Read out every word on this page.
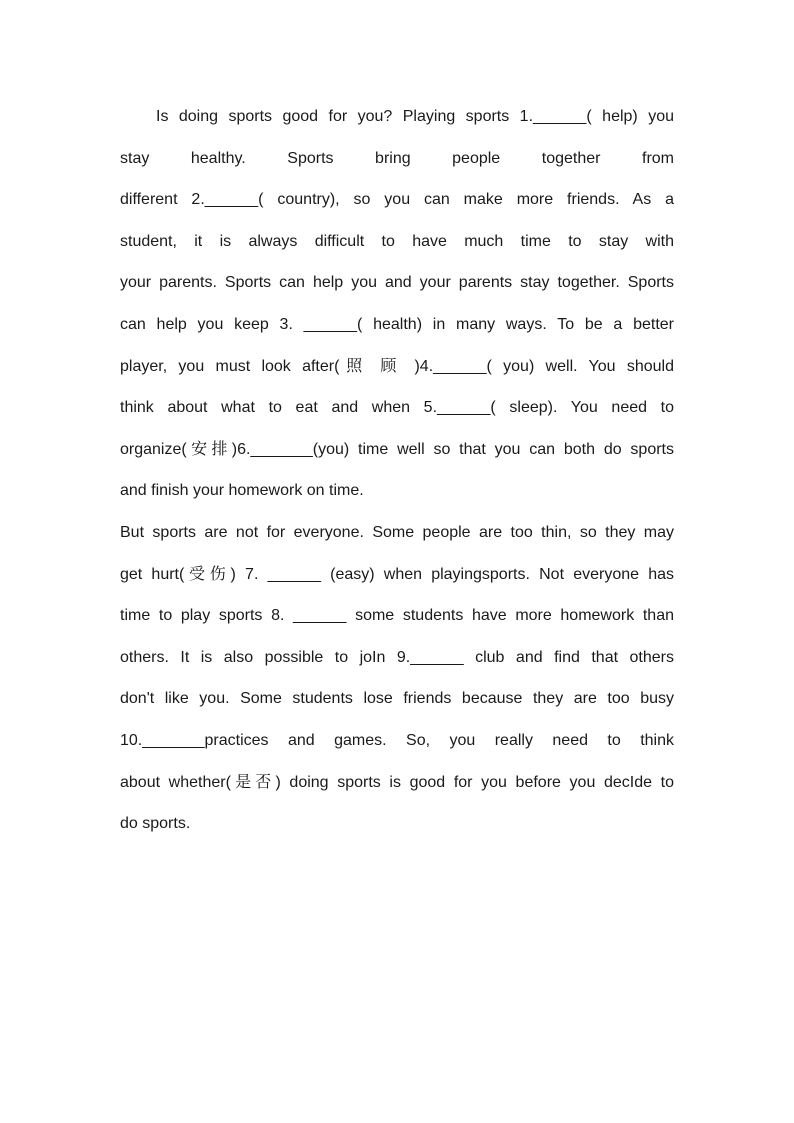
Is doing sports good for you? Playing sports 1.______( help) you
stay healthy. Sports bring people together from
different 2.______( country), so you can make more friends. As a
student, it is always difficult to have much time to stay with
your parents. Sports can help you and your parents stay together. Sports
can help you keep 3. ______( health) in many ways. To be a better
player, you must look after(照 顾 )4.______( you) well. You should
think about what to eat and when 5.______( sleep). You need to
organize(安排)6._______(you) time well so that you can both do sports
and finish your homework on time.
But sports are not for everyone. Some people are too thin, so they may
get hurt(受伤) 7. ______ (easy) when playingsports. Not everyone has
time to play sports 8. ______ some students have more homework than
others. It is also possible to joIn 9.______ club and find that others
don't like you. Some students lose friends because they are too busy
10._______practices and games. So, you really need to think
about whether(是否) doing sports is good for you before you decIde to
do sports.
